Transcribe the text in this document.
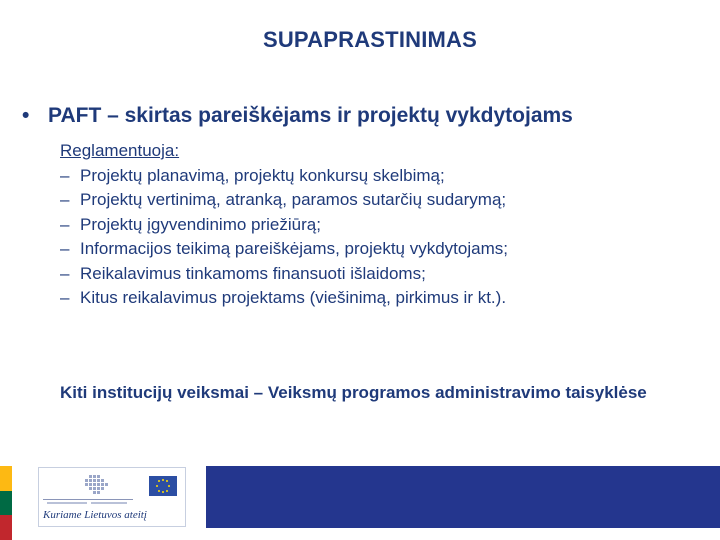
SUPAPRASTINIMAS
• PAFT – skirtas pareiškėjams ir projektų vykdytojams
Reglamentuoja:
– Projektų planavimą, projektų konkursų skelbimą;
– Projektų vertinimą, atranką, paramos sutarčių sudarymą;
– Projektų įgyvendinimo priežiūrą;
– Informacijos teikimą pareiškėjams, projektų vykdytojams;
– Reikalavimus tinkamoms finansuoti išlaidoms;
– Kitus reikalavimus projektams (viešinimą, pirkimus ir kt.).
Kiti institucijų veiksmai – Veiksmų programos administravimo taisyklėse
Kuriame Lietuvos ateitį
